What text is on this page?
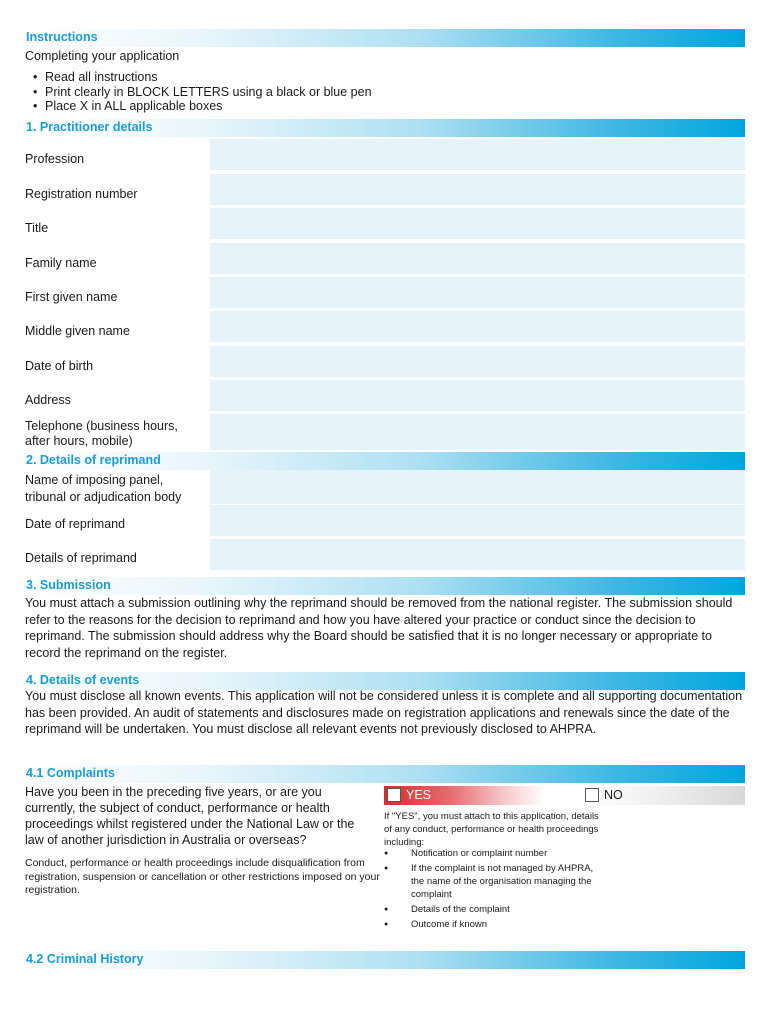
Instructions
Completing your application
• Read all instructions
• Print clearly in BLOCK LETTERS using a black or blue pen
• Place X in ALL applicable boxes
1. Practitioner details
Profession
Registration number
Title
Family name
First given name
Middle given name
Date of birth
Address
Telephone (business hours, after hours, mobile)
2. Details of reprimand
Name of imposing panel, tribunal or adjudication body
Date of reprimand
Details of reprimand
3. Submission
You must attach a submission outlining why the reprimand should be removed from the national register. The submission should refer to the reasons for the decision to reprimand and how you have altered your practice or conduct since the decision to reprimand. The submission should address why the Board should be satisfied that it is no longer necessary or appropriate to record the reprimand on the register.
4. Details of events
You must disclose all known events. This application will not be considered unless it is complete and all supporting documentation has been provided. An audit of statements and disclosures made on registration applications and renewals since the date of the reprimand will be undertaken. You must disclose all relevant events not previously disclosed to AHPRA.
4.1 Complaints
Have you been in the preceding five years, or are you currently, the subject of conduct, performance or health proceedings whilst registered under the National Law or the law of another jurisdiction in Australia or overseas?
Conduct, performance or health proceedings include disqualification from registration, suspension or cancellation or other restrictions imposed on your registration.
YES	NO
If "YES", you must attach to this application, details of any conduct, performance or health proceedings including:
● Notification or complaint number
● If the complaint is not managed by AHPRA, the name of the organisation managing the complaint
● Details of the complaint
● Outcome if known
4.2 Criminal History
